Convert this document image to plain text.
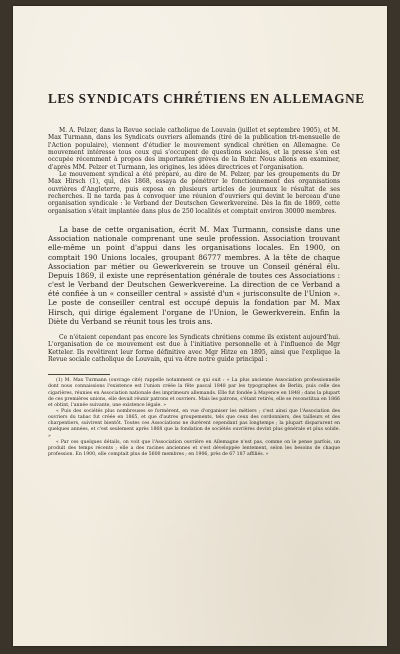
LES SYNDICATS CHRÉTIENS EN ALLEMAGNE

M. A. Pelzer, dans la Revue sociale catholique de Louvain (juillet et septembre 1905), et M. Max Turmann, dans les Syndicats ouvriers allemands (tiré de la publication tri-mensuelle de l'Action populaire), viennent d'étudier le mouvement syndical chrétien en Allemagne. Ce mouvement intéresse tous ceux qui s'occupent de questions sociales, et la presse s'en est occupée récemment à propos des importantes grèves de la Ruhr. Nous allons en examiner, d'après MM. Pelzer et Turmann, les origines, les idées directrices et l'organisation.

Le mouvement syndical a été préparé, au dire de M. Pelzer, par les groupements du Dr Max Hirsch (1), qui, dès 1868, essaya de pénétrer le fonctionnement des organisations ouvrières d'Angleterre, puis exposa en plusieurs articles de journaux le résultat de ses recherches. Il ne tarda pas à convoquer une réunion d'ouvriers qui devint le berceau d'une organisation syndicale : le Verband der Deutschen Gewerkvereine. Dès la fin de 1869, cette organisation s'était implantée dans plus de 250 localités et comptait environ 30000 membres.

La base de cette organisation, écrit M. Max Turmann, consiste dans une Association nationale comprenant une seule profession. Association trouvant elle-même un point d'appui dans les organisations locales. En 1900, on comptait 190 Unions locales, groupant 86777 membres. A la tête de chaque Association par métier ou Gewerkverein se trouve un Conseil général élu. Depuis 1869, il existe une représentation générale de toutes ces Associations : c'est le Verband der Deutschen Gewerkvereine. La direction de ce Verband a été confiée à un « conseiller central » assisté d'un « jurisconsulte de l'Union ». Le poste de conseiller central est occupé depuis la fondation par M. Max Hirsch, qui dirige également l'organe de l'Union, le Gewerkverein. Enfin la Diète du Verband se réunit tous les trois ans.

Ce n'étaient cependant pas encore les Syndicats chrétiens comme ils existent aujourd'hui. L'organisation de ce mouvement est due à l'initiative personnelle et à l'influence de Mgr Ketteler. Ils revêtirent leur forme définitive avec Mgr Hitze en 1895, ainsi que l'explique la Revue sociale catholique de Louvain, qui va être notre guide principal :

(1) M. Max Turmann (ouvrage cité) rappelle notamment ce qui suit : « La plus ancienne Association professionnelle dont nous connaissions l'existence est l'union créée la fête pascal 1848 par les typographes de Berlin, puis celle des cigarières, réunies en Association nationale des imprimeurs allemands. Elle fut fondée à Mayence en 1848 ; dans la plupart de ces premières unions, elle devait réunir patrons et ouvriers. Mais les patrons, s'étant retirés, elle se reconstitua en 1866 et obtint, l'année suivante, une existence légale. »

« Puis des sociétés plus nombreuses se formèrent, en vue d'organiser les métiers ; c'est ainsi que l'Association des ouvriers du tabac fut créée en 1865, et que d'autres groupements, tels que ceux des cordonniers, des tailleurs et des charpentiers, suivirent bientôt. Toutes ces Associations ne durèrent cependant pas longtemps ; la plupart disparurent en quelques années, et c'est seulement après 1868 que la fondation de sociétés ouvrières devint plus générale et plus solide. »

« Par ces quelques détails, on voit que l'Association ouvrière en Allemagne n'est pas, comme on le pense parfois, un produit des temps récents ; elle a des racines anciennes et s'est développée lentement, selon les besoins de chaque profession. En 1900, elle comptait plus de 5600 membres ; en 1906, près de 67 187 affiliés. »
